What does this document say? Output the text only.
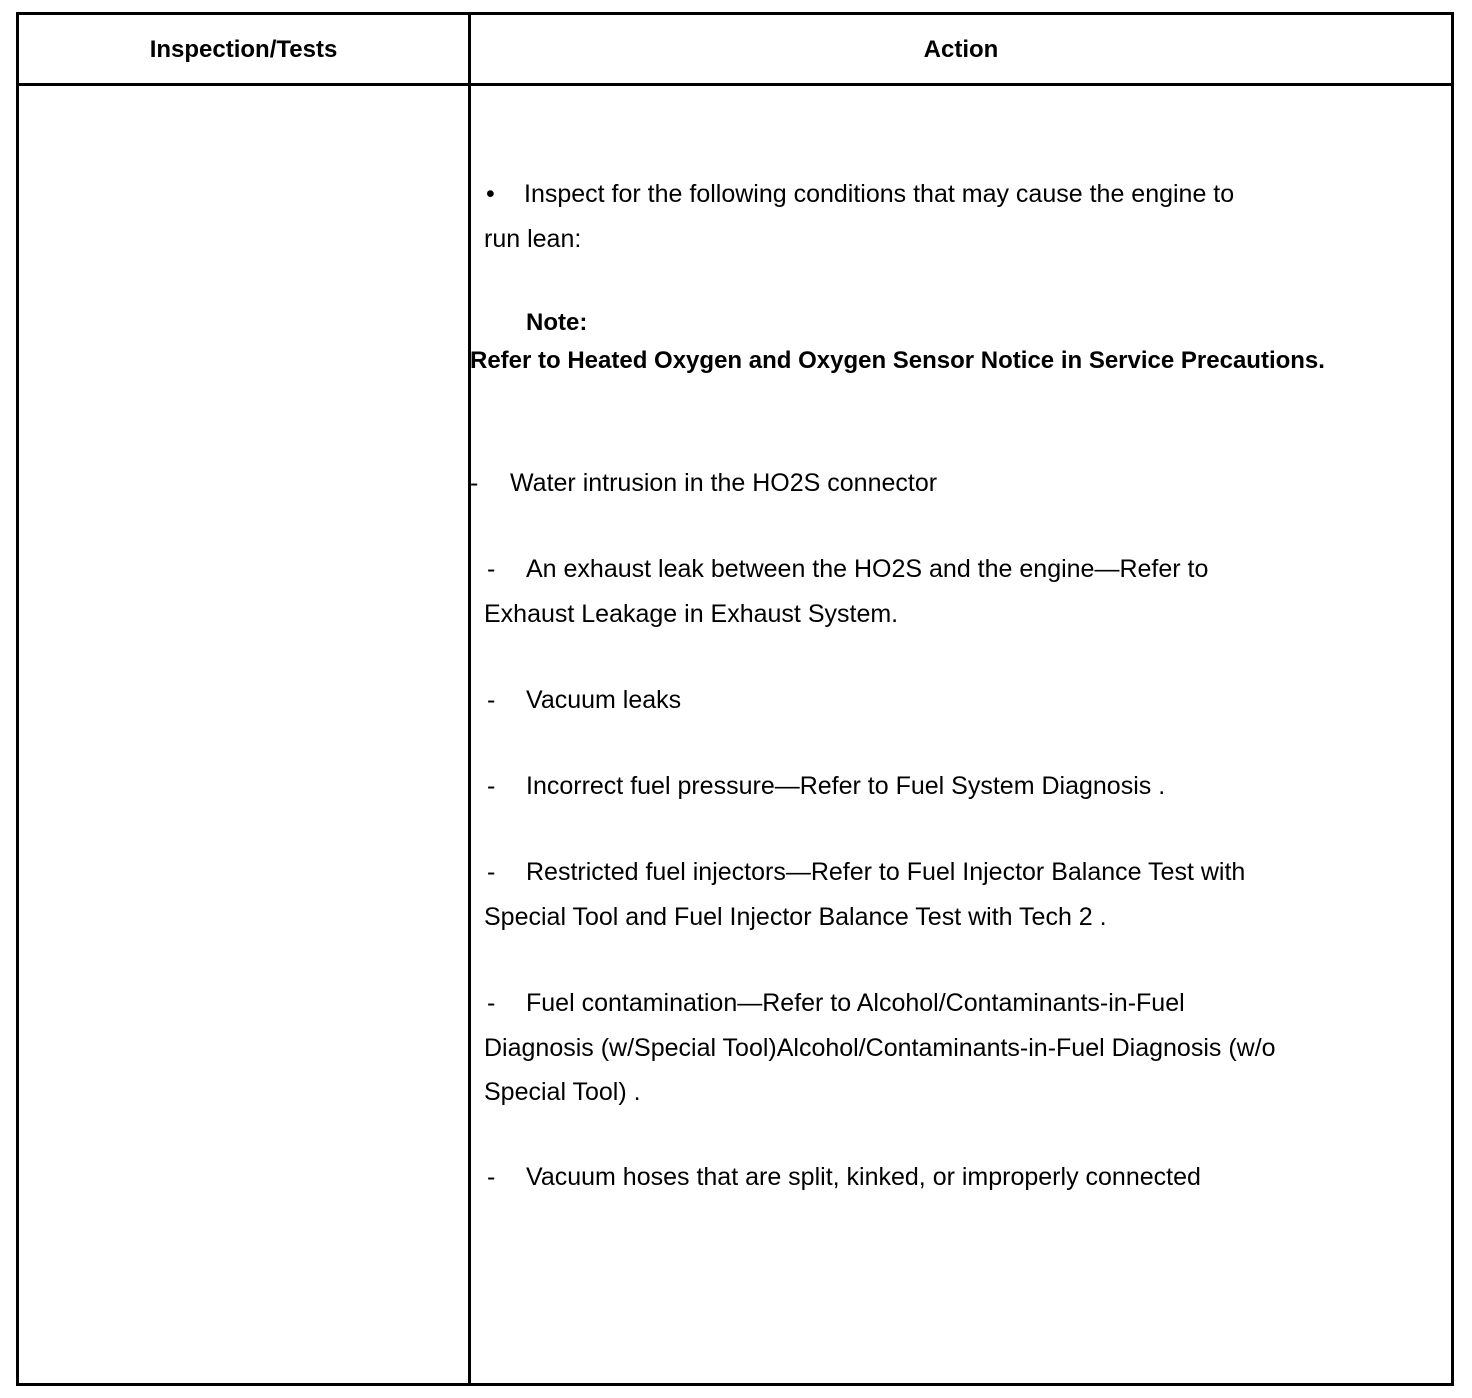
Inspection/Tests	Action
• Inspect for the following conditions that may cause the engine to
run lean:
Note:
Refer to Heated Oxygen and Oxygen Sensor Notice in Service Precautions.
- Water intrusion in the HO2S connector
- An exhaust leak between the HO2S and the engine—Refer to
Exhaust Leakage in Exhaust System.
- Vacuum leaks
- Incorrect fuel pressure—Refer to Fuel System Diagnosis .
- Restricted fuel injectors—Refer to Fuel Injector Balance Test with
Special Tool and Fuel Injector Balance Test with Tech 2 .
- Fuel contamination—Refer to Alcohol/Contaminants-in-Fuel
Diagnosis (w/Special Tool)Alcohol/Contaminants-in-Fuel Diagnosis (w/o
Special Tool) .
- Vacuum hoses that are split, kinked, or improperly connected
